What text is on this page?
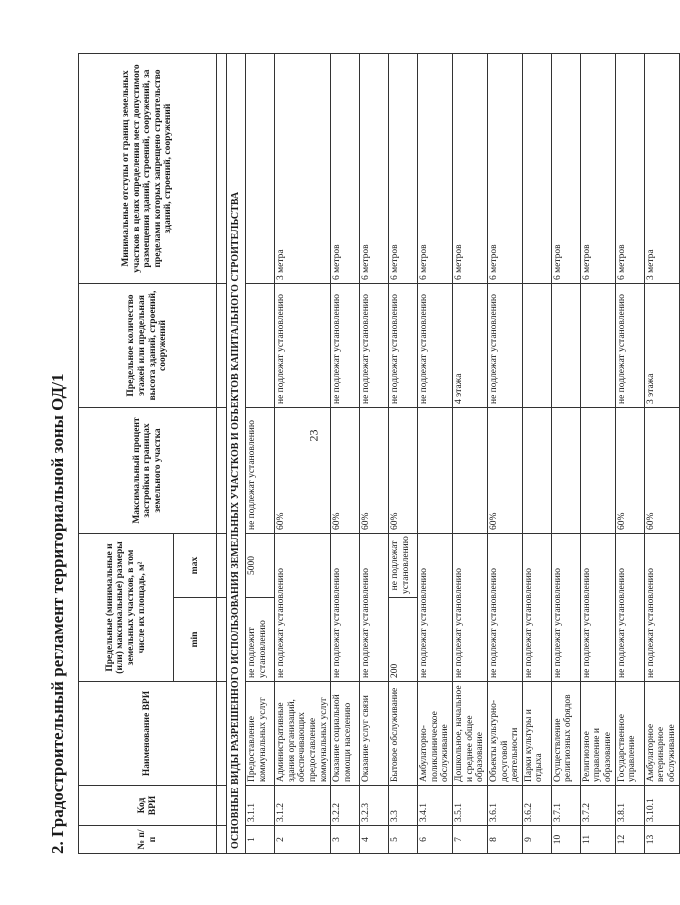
23
2. Градостроительный регламент территориальной зоны ОД/1	№ п/п	Код ВРИ	Наименование ВРИ	Предельные (минимальные и (или) максимальные) размеры земельных участков, в том числе их площадь, м²		Максимальный процент застройки в границах земельного участка	Предельное количество этажей или предельная высота зданий, строений, сооружений	Минимальные отступы от границ земельных участков в целях определения мест допустимого размещения зданий, строений, сооружений, за пределами которых запрещено строительство зданий, строений, сооружений
			min	max			

ОСНОВНЫЕ ВИДЫ РАЗРЕШЕННОГО ИСПОЛЬЗОВАНИЯ ЗЕМЕЛЬНЫХ УЧАСТКОВ И ОБЪЕКТОВ КАПИТАЛЬНОГО СТРОИТЕЛЬСТВА							
1	3.1.1	Предоставление коммунальных услуг	не подлежит установлению	5000	не подлежат установлению		
2	3.1.2	Административные здания организаций, обеспечивающих предоставление коммунальных услуг	не подлежат установлению		60%	не подлежат установлению	3 метра
3	3.2.2	Оказание социальной помощи населению	не подлежат установлению		60%	не подлежат установлению	6 метров
4	3.2.3	Оказание услуг связи	не подлежат установлению		60%	не подлежат установлению	6 метров
5	3.3	Бытовое обслуживание	200	не подлежат установлению	60%	не подлежат установлению	6 метров
6	3.4.1	Амбулаторно-поликлиническое обслуживание	не подлежат установлению			не подлежат установлению	6 метров
7	3.5.1	Дошкольное, начальное и среднее общее образование	не подлежат установлению			4 этажа	6 метров
8	3.6.1	Объекты культурно-досуговой деятельности	не подлежат установлению		60%	не подлежат установлению	6 метров
9	3.6.2	Парки культуры и отдыха	не подлежат установлению				
10	3.7.1	Осуществление религиозных обрядов	не подлежат установлению				6 метров
11	3.7.2	Религиозное управление и образование	не подлежат установлению				6 метров
12	3.8.1	Государственное управление	не подлежат установлению		60%	не подлежат установлению	6 метров
13	3.10.1	Амбулаторное ветеринарное обслуживание	не подлежат установлению		60%	3 этажа	3 метра
